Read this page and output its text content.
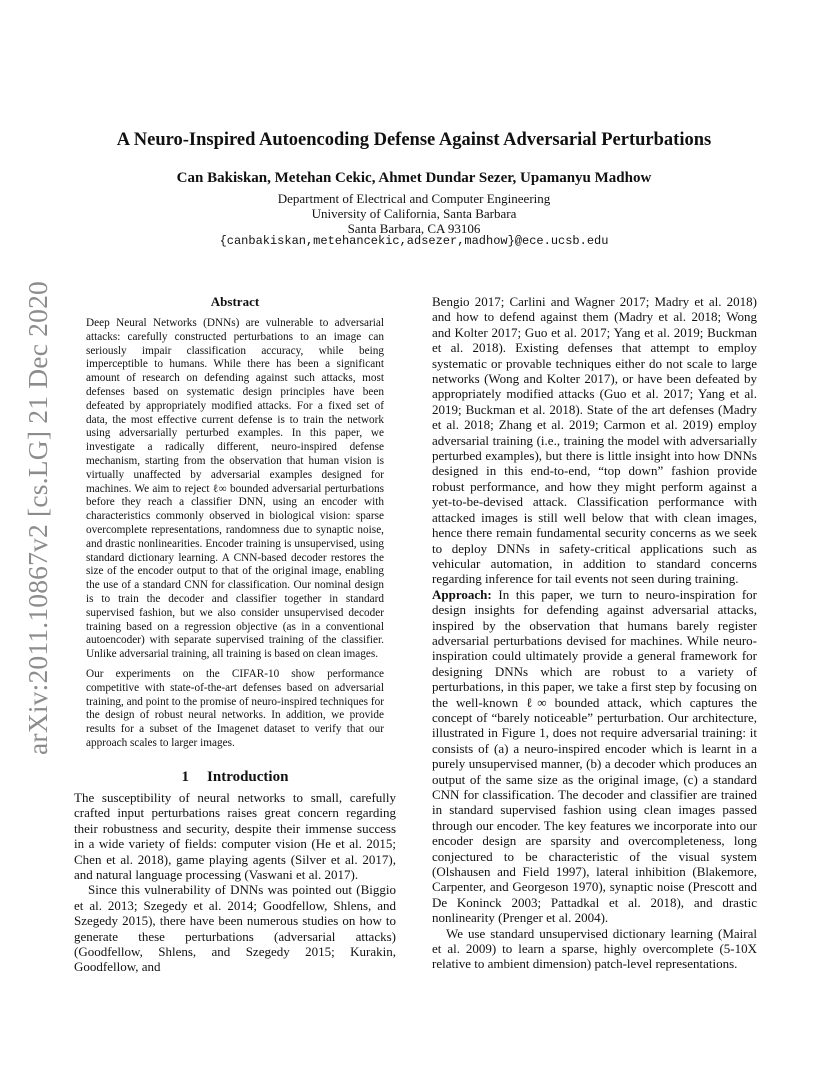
arXiv:2011.10867v2 [cs.LG] 21 Dec 2020
A Neuro-Inspired Autoencoding Defense Against Adversarial Perturbations
Can Bakiskan, Metehan Cekic, Ahmet Dundar Sezer, Upamanyu Madhow
Department of Electrical and Computer Engineering
University of California, Santa Barbara
Santa Barbara, CA 93106
{canbakiskan,metehancekic,adsezer,madhow}@ece.ucsb.edu
Abstract

Deep Neural Networks (DNNs) are vulnerable to adversarial attacks: carefully constructed perturbations to an image can seriously impair classification accuracy, while being imperceptible to humans. While there has been a significant amount of research on defending against such attacks, most defenses based on systematic design principles have been defeated by appropriately modified attacks. For a fixed set of data, the most effective current defense is to train the network using adversarially perturbed examples. In this paper, we investigate a radically different, neuro-inspired defense mechanism, starting from the observation that human vision is virtually unaffected by adversarial examples designed for machines. We aim to reject ℓ∞ bounded adversarial perturbations before they reach a classifier DNN, using an encoder with characteristics commonly observed in biological vision: sparse overcomplete representations, randomness due to synaptic noise, and drastic nonlinearities. Encoder training is unsupervised, using standard dictionary learning. A CNN-based decoder restores the size of the encoder output to that of the original image, enabling the use of a standard CNN for classification. Our nominal design is to train the decoder and classifier together in standard supervised fashion, but we also consider unsupervised decoder training based on a regression objective (as in a conventional autoencoder) with separate supervised training of the classifier. Unlike adversarial training, all training is based on clean images.

Our experiments on the CIFAR-10 show performance competitive with state-of-the-art defenses based on adversarial training, and point to the promise of neuro-inspired techniques for the design of robust neural networks. In addition, we provide results for a subset of the Imagenet dataset to verify that our approach scales to larger images.

1 Introduction

The susceptibility of neural networks to small, carefully crafted input perturbations raises great concern regarding their robustness and security, despite their immense success in a wide variety of fields: computer vision (He et al. 2015; Chen et al. 2018), game playing agents (Silver et al. 2017), and natural language processing (Vaswani et al. 2017).

Since this vulnerability of DNNs was pointed out (Biggio et al. 2013; Szegedy et al. 2014; Goodfellow, Shlens, and Szegedy 2015), there have been numerous studies on how to generate these perturbations (adversarial attacks) (Goodfellow, Shlens, and Szegedy 2015; Kurakin, Goodfellow, and

Bengio 2017; Carlini and Wagner 2017; Madry et al. 2018) and how to defend against them (Madry et al. 2018; Wong and Kolter 2017; Guo et al. 2017; Yang et al. 2019; Buckman et al. 2018). Existing defenses that attempt to employ systematic or provable techniques either do not scale to large networks (Wong and Kolter 2017), or have been defeated by appropriately modified attacks (Guo et al. 2017; Yang et al. 2019; Buckman et al. 2018). State of the art defenses (Madry et al. 2018; Zhang et al. 2019; Carmon et al. 2019) employ adversarial training (i.e., training the model with adversarially perturbed examples), but there is little insight into how DNNs designed in this end-to-end, “top down” fashion provide robust performance, and how they might perform against a yet-to-be-devised attack. Classification performance with attacked images is still well below that with clean images, hence there remain fundamental security concerns as we seek to deploy DNNs in safety-critical applications such as vehicular automation, in addition to standard concerns regarding inference for tail events not seen during training.

Approach: In this paper, we turn to neuro-inspiration for design insights for defending against adversarial attacks, inspired by the observation that humans barely register adversarial perturbations devised for machines. While neuro-inspiration could ultimately provide a general framework for designing DNNs which are robust to a variety of perturbations, in this paper, we take a first step by focusing on the well-known ℓ∞ bounded attack, which captures the concept of “barely noticeable” perturbation. Our architecture, illustrated in Figure 1, does not require adversarial training: it consists of (a) a neuro-inspired encoder which is learnt in a purely unsupervised manner, (b) a decoder which produces an output of the same size as the original image, (c) a standard CNN for classification. The decoder and classifier are trained in standard supervised fashion using clean images passed through our encoder. The key features we incorporate into our encoder design are sparsity and overcompleteness, long conjectured to be characteristic of the visual system (Olshausen and Field 1997), lateral inhibition (Blakemore, Carpenter, and Georgeson 1970), synaptic noise (Prescott and De Koninck 2003; Pattadkal et al. 2018), and drastic nonlinearity (Prenger et al. 2004).

We use standard unsupervised dictionary learning (Mairal et al. 2009) to learn a sparse, highly overcomplete (5-10X relative to ambient dimension) patch-level representations.
